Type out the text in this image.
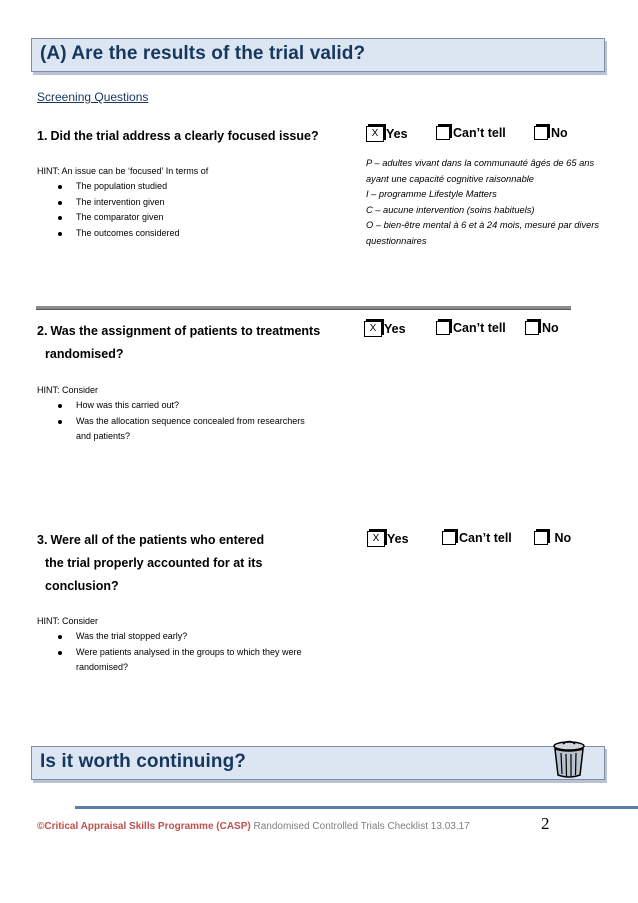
(A) Are the results of the trial valid?
Screening Questions
1. Did the trial address a clearly focused issue?
HINT: An issue can be ‘focused’ In terms of
The population studied
The intervention given
The comparator given
The outcomes considered
X Yes	Can’t tell	No
P – adultes vivant dans la communauté âgés de 65 ans ayant une capacité cognitive raisonnable
I – programme Lifestyle Matters
C – aucune intervention (soins habituels)
O – bien-être mental à 6 et à 24 mois, mesuré par divers questionnaires
2. Was the assignment of patients to treatments
randomised?
HINT: Consider
How was this carried out?
Was the allocation sequence concealed from researchers and patients?
X Yes	Can’t tell	No
3. Were all of the patients who entered
the trial properly accounted for at its
conclusion?
HINT: Consider
Was the trial stopped early?
Were patients analysed in the groups to which they were randomised?
X Yes	Can’t tell
	No
Is it worth continuing?
©Critical Appraisal Skills Programme (CASP) Randomised Controlled Trials Checklist 13.03.17	2
